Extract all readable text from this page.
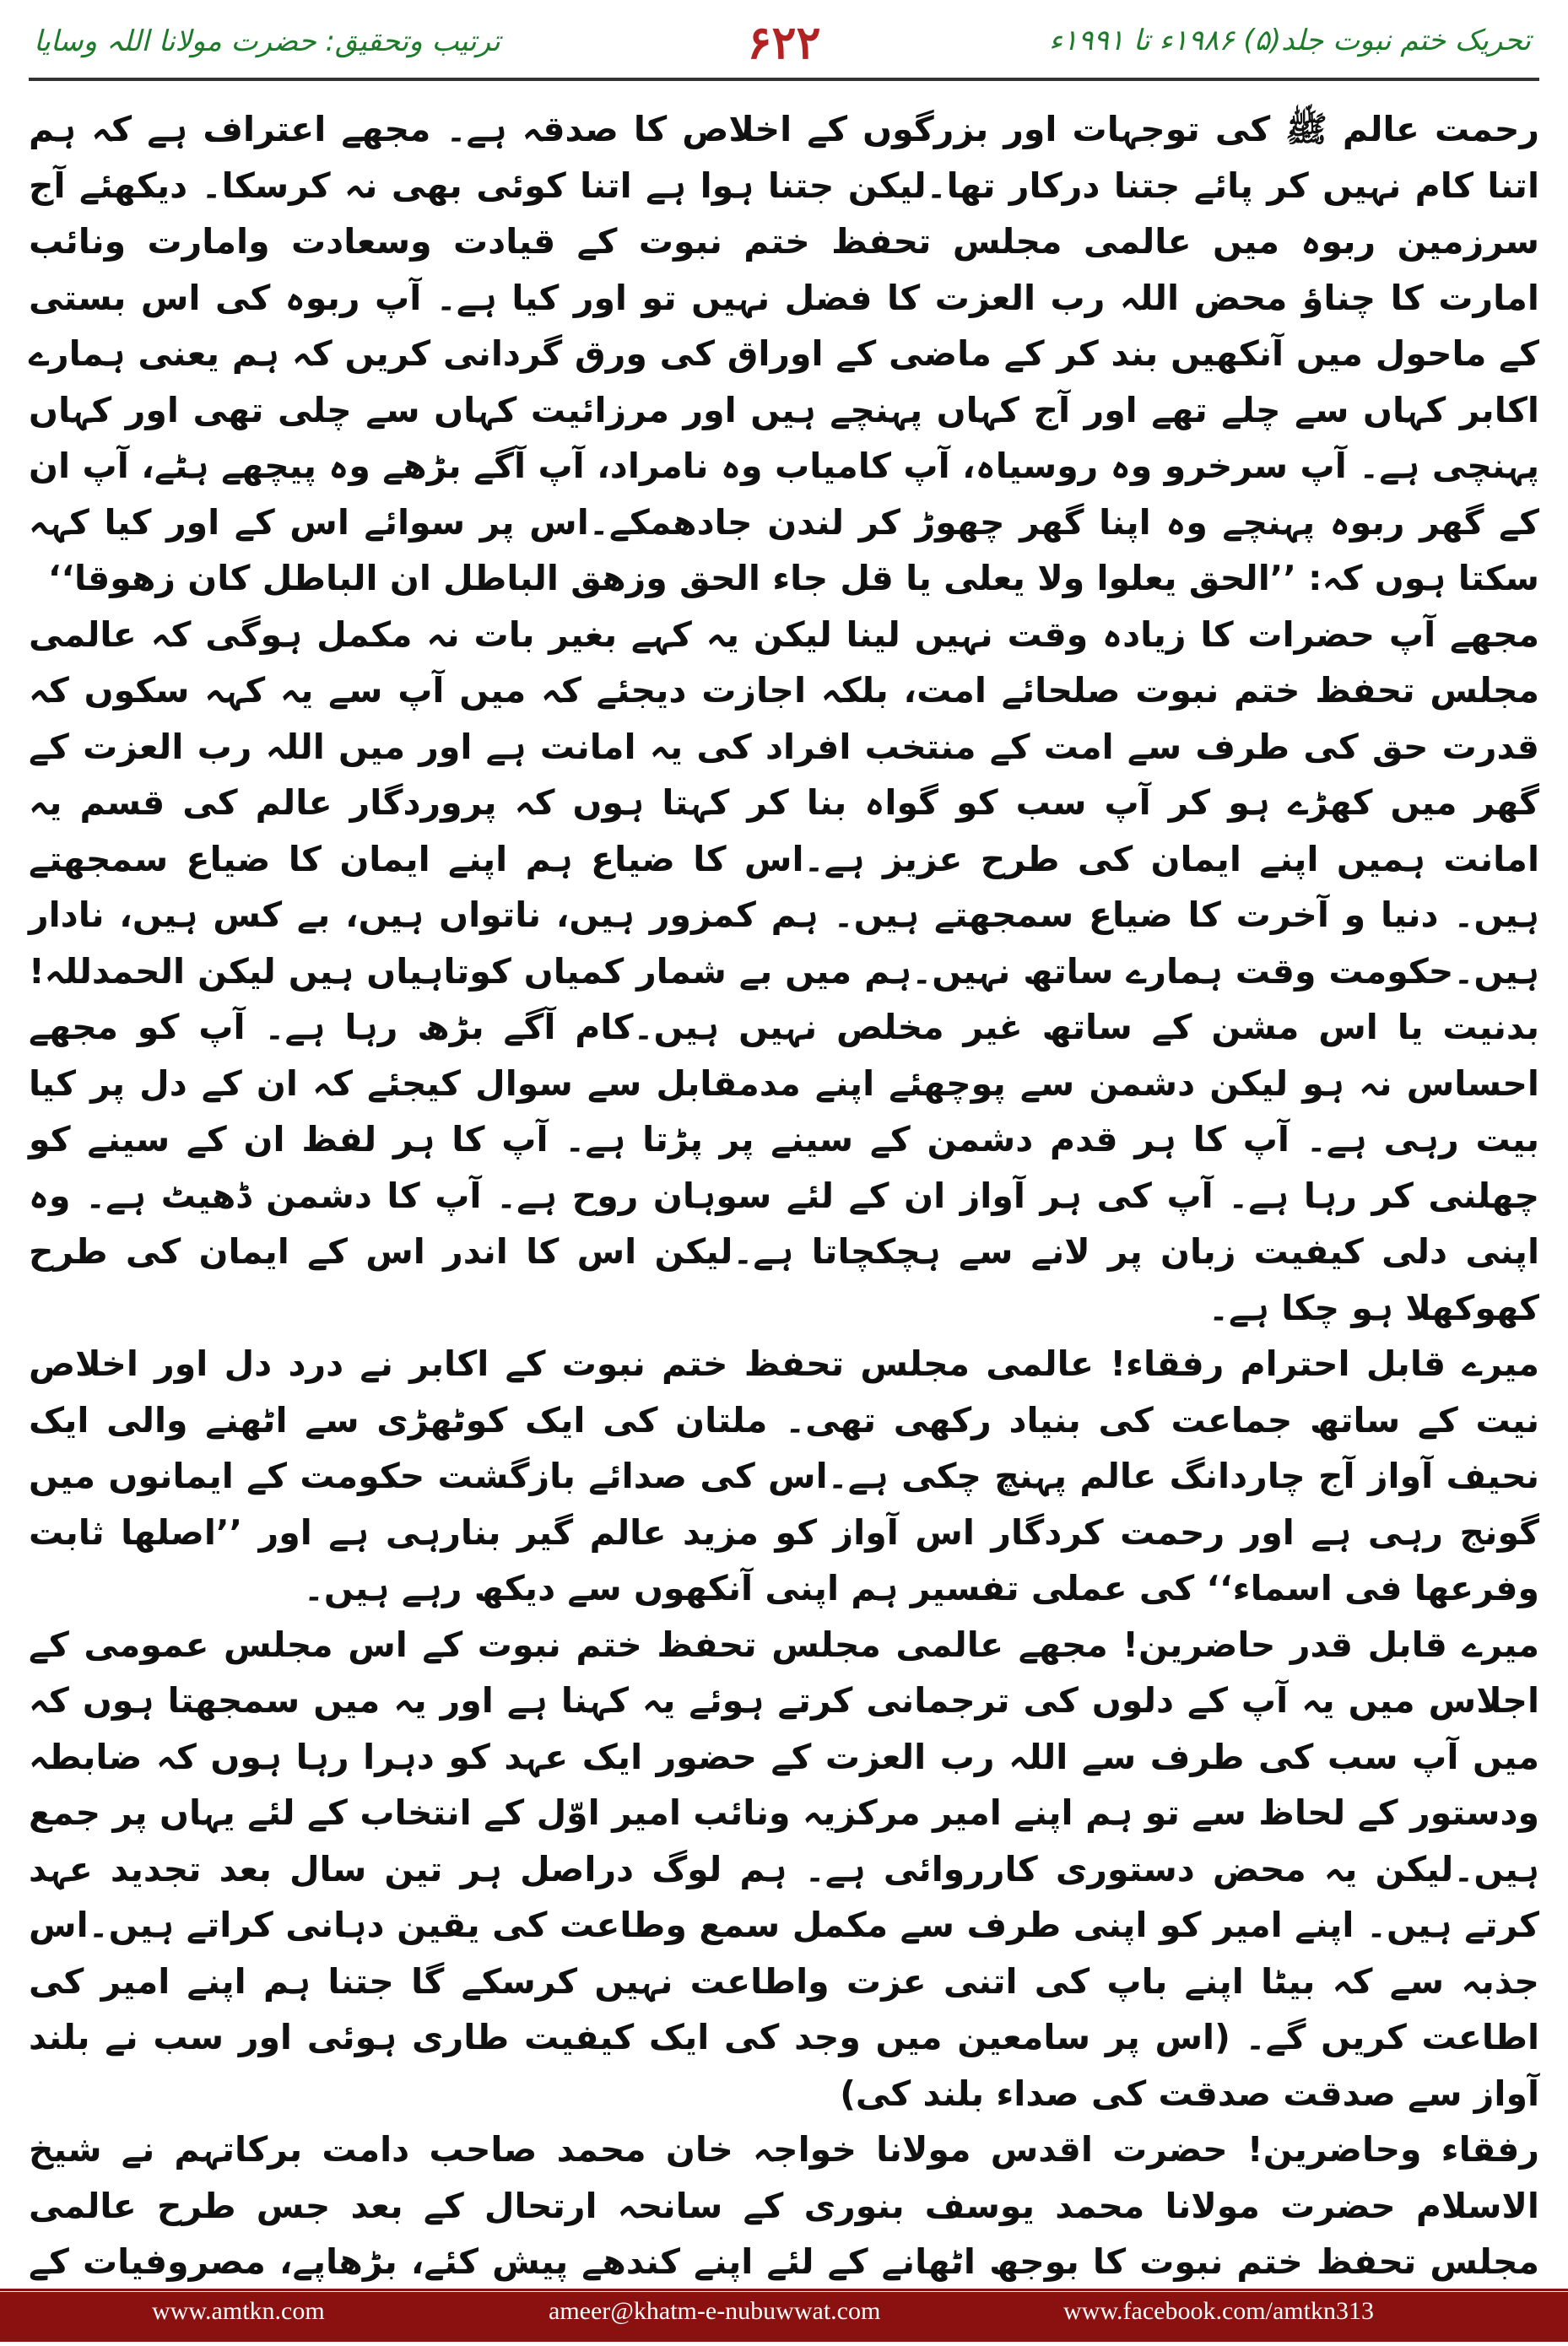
تحریک ختم نبوت جلد(۵) ۱۹۸۶ء تا ۱۹۹۱ء
۶۲۲
ترتیب وتحقیق: حضرت مولانا اللہ وسایا

رحمت عالم ﷺ کی توجہات اور بزرگوں کے اخلاص کا صدقہ ہے۔ مجھے اعتراف ہے کہ ہم اتنا کام نہیں کر پائے جتنا درکار تھا۔لیکن جتنا ہوا ہے اتنا کوئی بھی نہ کرسکا۔ دیکھئے آج سرزمین ربوہ میں عالمی مجلس تحفظ ختم نبوت کے قیادت وسعادت وامارت ونائب امارت کا چناؤ محض اللہ رب العزت کا فضل نہیں تو اور کیا ہے۔ آپ ربوہ کی اس بستی کے ماحول میں آنکھیں بند کر کے ماضی کے اوراق کی ورق گردانی کریں کہ ہم یعنی ہمارے اکابر کہاں سے چلے تھے اور آج کہاں پہنچے ہیں اور مرزائیت کہاں سے چلی تھی اور کہاں پہنچی ہے۔ آپ سرخرو وہ روسیاہ، آپ کامیاب وہ نامراد، آپ آگے بڑھے وہ پیچھے ہٹے، آپ ان کے گھر ربوہ پہنچے وہ اپنا گھر چھوڑ کر لندن جادھمکے۔اس پر سوائے اس کے اور کیا کہہ سکتا ہوں کہ: ’’الحق یعلوا ولا یعلی یا قل جاء الحق وزھق الباطل ان الباطل کان زھوقا‘‘

مجھے آپ حضرات کا زیادہ وقت نہیں لینا لیکن یہ کہے بغیر بات نہ مکمل ہوگی کہ عالمی مجلس تحفظ ختم نبوت صلحائے امت، بلکہ اجازت دیجئے کہ میں آپ سے یہ کہہ سکوں کہ قدرت حق کی طرف سے امت کے منتخب افراد کی یہ امانت ہے اور میں اللہ رب العزت کے گھر میں کھڑے ہو کر آپ سب کو گواہ بنا کر کہتا ہوں کہ پروردگار عالم کی قسم یہ امانت ہمیں اپنے ایمان کی طرح عزیز ہے۔اس کا ضیاع ہم اپنے ایمان کا ضیاع سمجھتے ہیں۔ دنیا و آخرت کا ضیاع سمجھتے ہیں۔ ہم کمزور ہیں، ناتواں ہیں، بے کس ہیں، نادار ہیں۔حکومت وقت ہمارے ساتھ نہیں۔ہم میں بے شمار کمیاں کوتاہیاں ہیں لیکن الحمدللہ! بدنیت یا اس مشن کے ساتھ غیر مخلص نہیں ہیں۔کام آگے بڑھ رہا ہے۔ آپ کو مجھے احساس نہ ہو لیکن دشمن سے پوچھئے اپنے مدمقابل سے سوال کیجئے کہ ان کے دل پر کیا بیت رہی ہے۔ آپ کا ہر قدم دشمن کے سینے پر پڑتا ہے۔ آپ کا ہر لفظ ان کے سینے کو چھلنی کر رہا ہے۔ آپ کی ہر آواز ان کے لئے سوہان روح ہے۔ آپ کا دشمن ڈھیٹ ہے۔ وہ اپنی دلی کیفیت زبان پر لانے سے ہچکچاتا ہے۔لیکن اس کا اندر اس کے ایمان کی طرح کھوکھلا ہو چکا ہے۔

میرے قابل احترام رفقاء! عالمی مجلس تحفظ ختم نبوت کے اکابر نے درد دل اور اخلاص نیت کے ساتھ جماعت کی بنیاد رکھی تھی۔ ملتان کی ایک کوٹھڑی سے اٹھنے والی ایک نحیف آواز آج چاردانگ عالم پہنچ چکی ہے۔اس کی صدائے بازگشت حکومت کے ایمانوں میں گونج رہی ہے اور رحمت کردگار اس آواز کو مزید عالم گیر بنارہی ہے اور ’’اصلھا ثابت وفرعھا فی اسماء‘‘ کی عملی تفسیر ہم اپنی آنکھوں سے دیکھ رہے ہیں۔

میرے قابل قدر حاضرین! مجھے عالمی مجلس تحفظ ختم نبوت کے اس مجلس عمومی کے اجلاس میں یہ آپ کے دلوں کی ترجمانی کرتے ہوئے یہ کہنا ہے اور یہ میں سمجھتا ہوں کہ میں آپ سب کی طرف سے اللہ رب العزت کے حضور ایک عہد کو دہرا رہا ہوں کہ ضابطہ ودستور کے لحاظ سے تو ہم اپنے امیر مرکزیہ ونائب امیر اوّل کے انتخاب کے لئے یہاں پر جمع ہیں۔لیکن یہ محض دستوری کارروائی ہے۔ ہم لوگ دراصل ہر تین سال بعد تجدید عہد کرتے ہیں۔ اپنے امیر کو اپنی طرف سے مکمل سمع وطاعت کی یقین دہانی کراتے ہیں۔اس جذبہ سے کہ بیٹا اپنے باپ کی اتنی عزت واطاعت نہیں کرسکے گا جتنا ہم اپنے امیر کی اطاعت کریں گے۔ (اس پر سامعین میں وجد کی ایک کیفیت طاری ہوئی اور سب نے بلند آواز سے صدقت صدقت کی صداء بلند کی)

رفقاء وحاضرین! حضرت اقدس مولانا خواجہ خان محمد صاحب دامت برکاتہم نے شیخ الاسلام حضرت مولانا محمد یوسف بنوری کے سانحہ ارتحال کے بعد جس طرح عالمی مجلس تحفظ ختم نبوت کا بوجھ اٹھانے کے لئے اپنے کندھے پیش کئے، بڑھاپے، مصروفیات کے

www.amtkn.com	ameer@khatm-e-nubuwwat.com	www.facebook.com/amtkn313
